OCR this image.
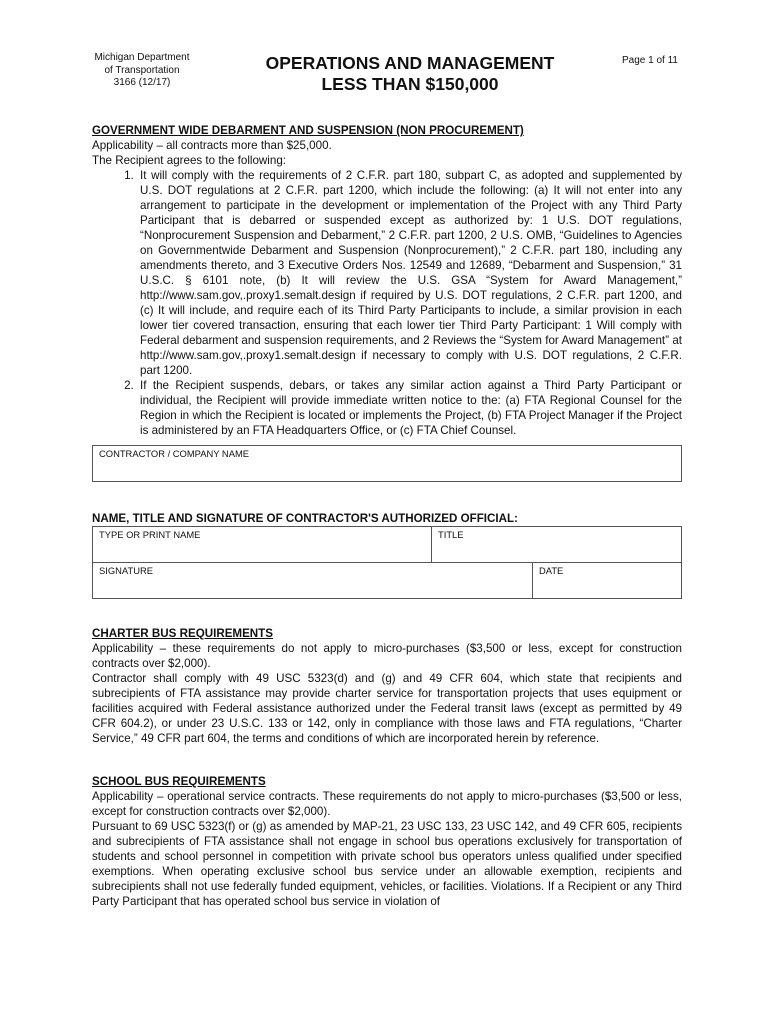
Michigan Department
of Transportation
3166 (12/17)
OPERATIONS AND MANAGEMENT
LESS THAN $150,000
Page 1 of 11
GOVERNMENT WIDE DEBARMENT AND SUSPENSION (NON PROCUREMENT)

Applicability – all contracts more than $25,000.

The Recipient agrees to the following:

1. It will comply with the requirements of 2 C.F.R. part 180, subpart C, as adopted and supplemented by U.S. DOT regulations at 2 C.F.R. part 1200, which include the following: (a) It will not enter into any arrangement to participate in the development or implementation of the Project with any Third Party Participant that is debarred or suspended except as authorized by: 1 U.S. DOT regulations, “Nonprocurement Suspension and Debarment,” 2 C.F.R. part 1200, 2 U.S. OMB, “Guidelines to Agencies on Governmentwide Debarment and Suspension (Nonprocurement),” 2 C.F.R. part 180, including any amendments thereto, and 3 Executive Orders Nos. 12549 and 12689, “Debarment and Suspension,” 31 U.S.C. § 6101 note, (b) It will review the U.S. GSA “System for Award Management,” http://www.sam.gov,.proxy1.semalt.design if required by U.S. DOT regulations, 2 C.F.R. part 1200, and (c) It will include, and require each of its Third Party Participants to include, a similar provision in each lower tier covered transaction, ensuring that each lower tier Third Party Participant: 1 Will comply with Federal debarment and suspension requirements, and 2 Reviews the “System for Award Management” at http://www.sam.gov,.proxy1.semalt.design if necessary to comply with U.S. DOT regulations, 2 C.F.R. part 1200.
2. If the Recipient suspends, debars, or takes any similar action against a Third Party Participant or individual, the Recipient will provide immediate written notice to the: (a) FTA Regional Counsel for the Region in which the Recipient is located or implements the Project, (b) FTA Project Manager if the Project is administered by an FTA Headquarters Office, or (c) FTA Chief Counsel.
CONTRACTOR / COMPANY NAME
NAME, TITLE AND SIGNATURE OF CONTRACTOR'S AUTHORIZED OFFICIAL:
TYPE OR PRINT NAME	TITLE
SIGNATURE	DATE
CHARTER BUS REQUIREMENTS

Applicability – these requirements do not apply to micro-purchases ($3,500 or less, except for construction contracts over $2,000).

Contractor shall comply with 49 USC 5323(d) and (g) and 49 CFR 604, which state that recipients and subrecipients of FTA assistance may provide charter service for transportation projects that uses equipment or facilities acquired with Federal assistance authorized under the Federal transit laws (except as permitted by 49 CFR 604.2), or under 23 U.S.C. 133 or 142, only in compliance with those laws and FTA regulations, “Charter Service,” 49 CFR part 604, the terms and conditions of which are incorporated herein by reference.

SCHOOL BUS REQUIREMENTS

Applicability – operational service contracts. These requirements do not apply to micro-purchases ($3,500 or less, except for construction contracts over $2,000).

Pursuant to 69 USC 5323(f) or (g) as amended by MAP-21, 23 USC 133, 23 USC 142, and 49 CFR 605, recipients and subrecipients of FTA assistance shall not engage in school bus operations exclusively for transportation of students and school personnel in competition with private school bus operators unless qualified under specified exemptions. When operating exclusive school bus service under an allowable exemption, recipients and subrecipients shall not use federally funded equipment, vehicles, or facilities. Violations. If a Recipient or any Third Party Participant that has operated school bus service in violation of
